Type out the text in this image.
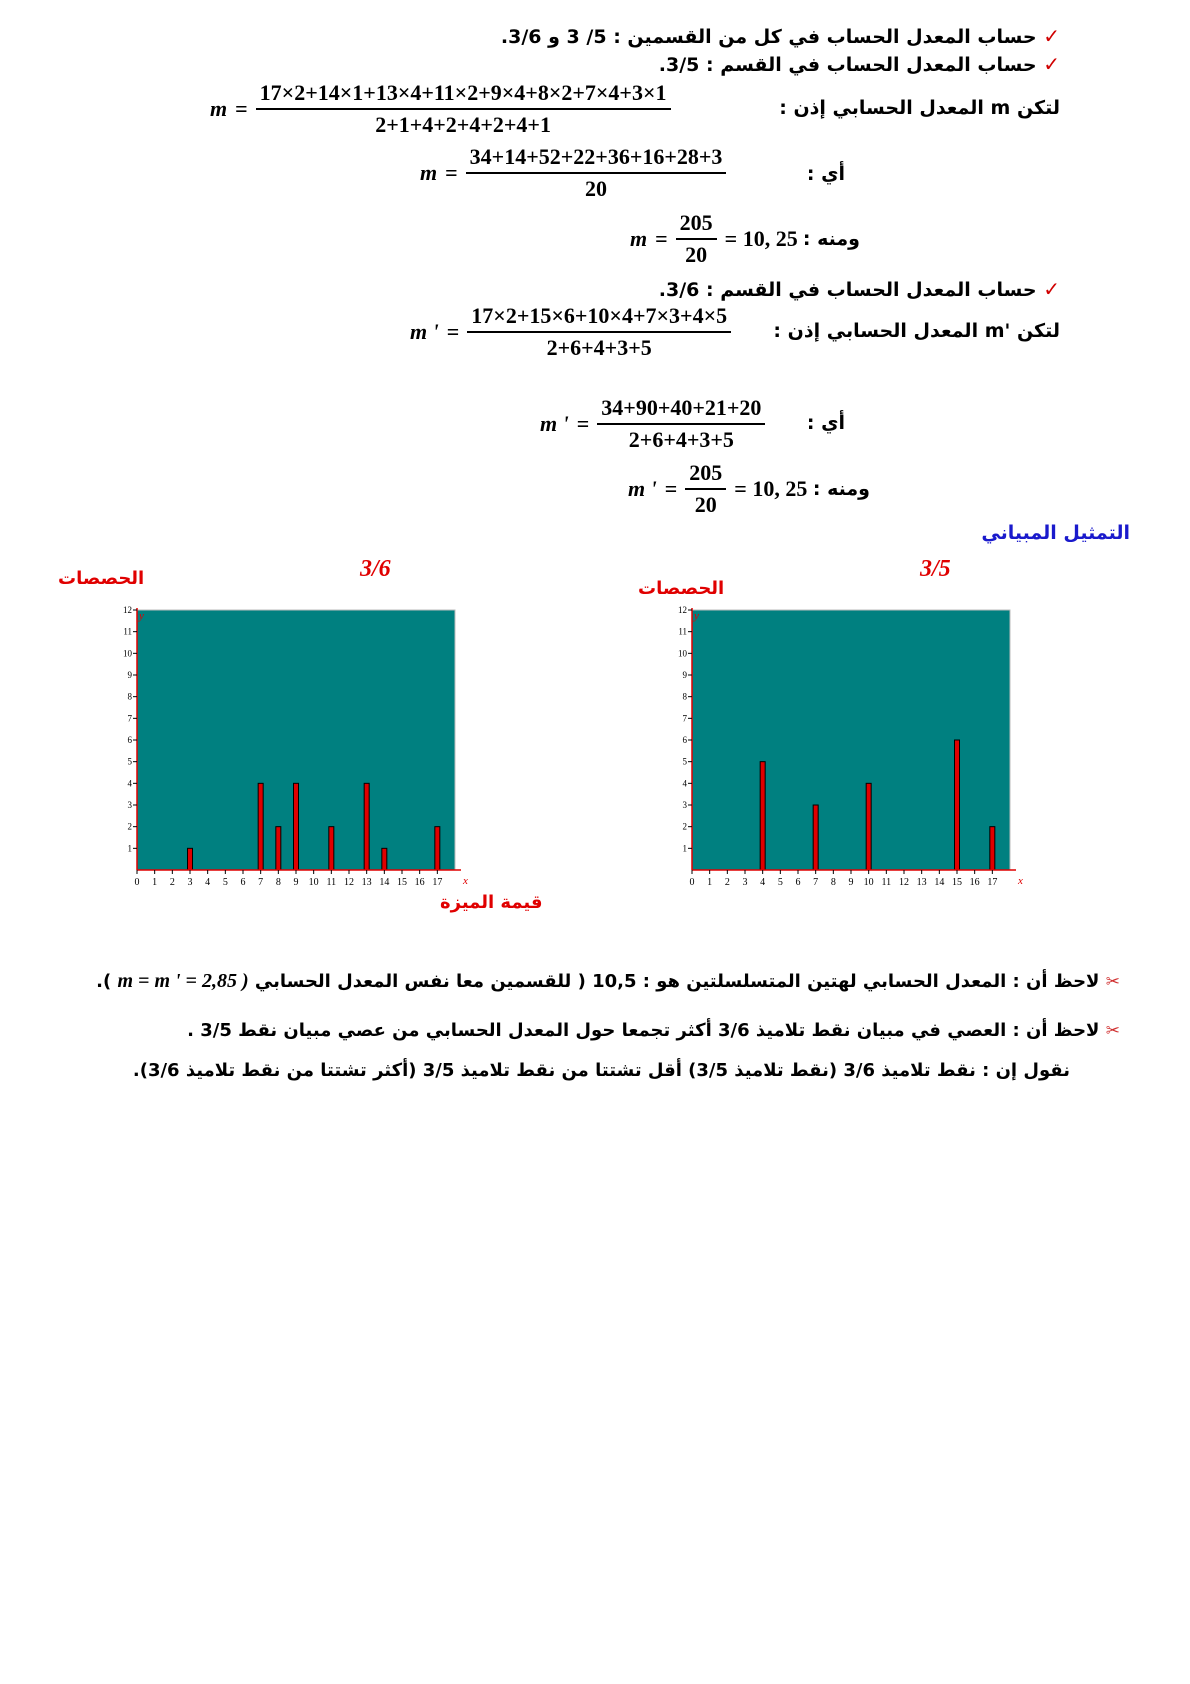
✓ حساب المعدل الحساب في كل من القسمين : 5/ 3 و 3/6.
✓ حساب المعدل الحساب في القسم : 3/5.
لتكن m المعدل الحسابي إذن :
$m = \frac{17\times 2+14\times 1+13\times 4+11\times 2+9\times 4+8\times 2+7\times 4+3\times 1}{2+1+4+2+4+2+4+1}$
أي :
$m = \frac{34+14+52+22+36+16+28+3}{20}$
ومنه :
$m = \frac{205}{20} = 10$, 25
✓ حساب المعدل الحساب في القسم : 3/6.
لتكن 'm المعدل الحسابي إذن :
m ' = $\frac{17\times 2+15\times 6+10\times 4+7\times 3+4\times 5}{2+6+4+3+5}$
أي :
m ' = $\frac{34+90+40+21+20}{2+6+4+3+5}$
ومنه :
m ' = $\frac{205}{20} = 10$, 25
التمثيل المبياني
3/6
الحصصات
x
y
0 1 2 3 4 5 6 7 8 9 10 11 12 13 14 15 16 17
1
2
3
4
5
6
7
8
9
10
11
12
قيمة الميزة
3/5
الحصصات
x
y
0 1 2 3 4 5 6 7 8 9 10 11 12 13 14 15 16 17
1
2
3
4
5
6
7
8
9
10
11
12
✂ لاحظ أن : المعدل الحسابي لهتين المتسلسلتين هو : 10,5 ( للقسمين معا نفس المعدل الحسابي ( m = m ' = 2,85 ).
✂ لاحظ أن : العصي في مبيان نقط تلاميذ 3/6 أكثر تجمعا حول المعدل الحسابي من عصي مبيان نقط 3/5 .
نقول إن : نقط تلاميذ 3/6 (نقط تلاميذ 3/5) أقل تشتتا من نقط تلاميذ 3/5 (أكثر تشتتا من نقط تلاميذ 3/6).
